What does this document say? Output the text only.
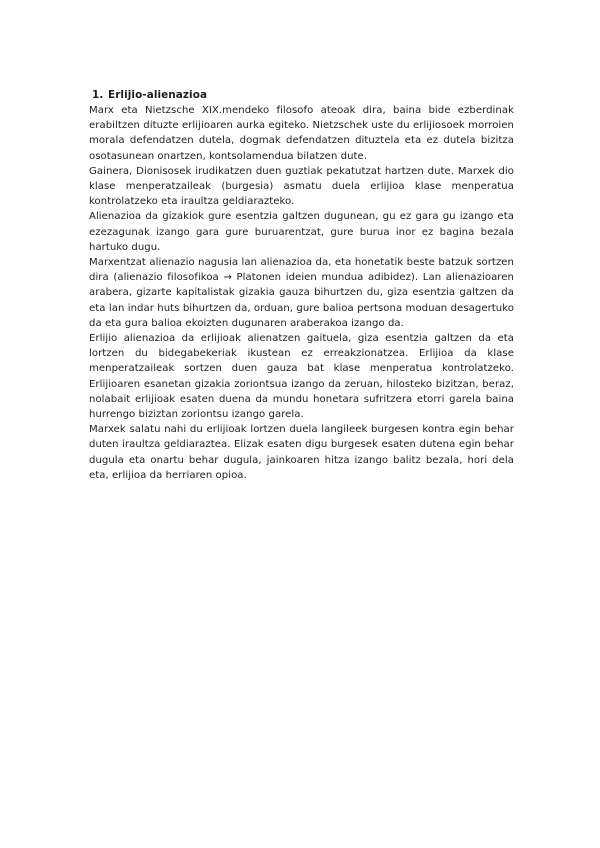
1. Erlijio-alienazioa

Marx eta Nietzsche XIX.mendeko filosofo ateoak dira, baina bide ezberdinak erabiltzen dituzte erlijioaren aurka egiteko. Nietzschek uste du erlijiosoek morroien morala defendatzen dutela, dogmak defendatzen dituztela eta ez dutela bizitza osotasunean onartzen, kontsolamendua bilatzen dute.

Gainera, Dionisosek irudikatzen duen guztiak pekatutzat hartzen dute. Marxek dio klase menperatzaileak (burgesia) asmatu duela erlijioa klase menperatua kontrolatzeko eta iraultza geldiarazteko.

Alienazioa da gizakiok gure esentzia galtzen dugunean, gu ez gara gu izango eta ezezagunak izango gara gure buruarentzat, gure burua inor ez bagina bezala hartuko dugu.

Marxentzat alienazio nagusia lan alienazioa da, eta honetatik beste batzuk sortzen dira (alienazio filosofikoa → Platonen ideien mundua adibidez). Lan alienazioaren arabera, gizarte kapitalistak gizakia gauza bihurtzen du, giza esentzia galtzen da eta lan indar huts bihurtzen da, orduan, gure balioa pertsona moduan desagertuko da eta gura balioa ekoizten dugunaren araberakoa izango da.

Erlijio alienazioa da erlijioak alienatzen gaituela, giza esentzia galtzen da eta lortzen du bidegabekeriak ikustean ez erreakzionatzea. Erlijioa da klase menperatzaileak sortzen duen gauza bat klase menperatua kontrolatzeko. Erlijioaren esanetan gizakia zoriontsua izango da zeruan, hilosteko bizitzan, beraz, nolabait erlijioak esaten duena da mundu honetara sufritzera etorri garela baina hurrengo biziztan zoriontsu izango garela.

Marxek salatu nahi du erlijioak lortzen duela langileek burgesen kontra egin behar duten iraultza geldiaraztea. Elizak esaten digu burgesek esaten dutena egin behar dugula eta onartu behar dugula, jainkoaren hitza izango balitz bezala, hori dela eta, erlijioa da herriaren opioa.
